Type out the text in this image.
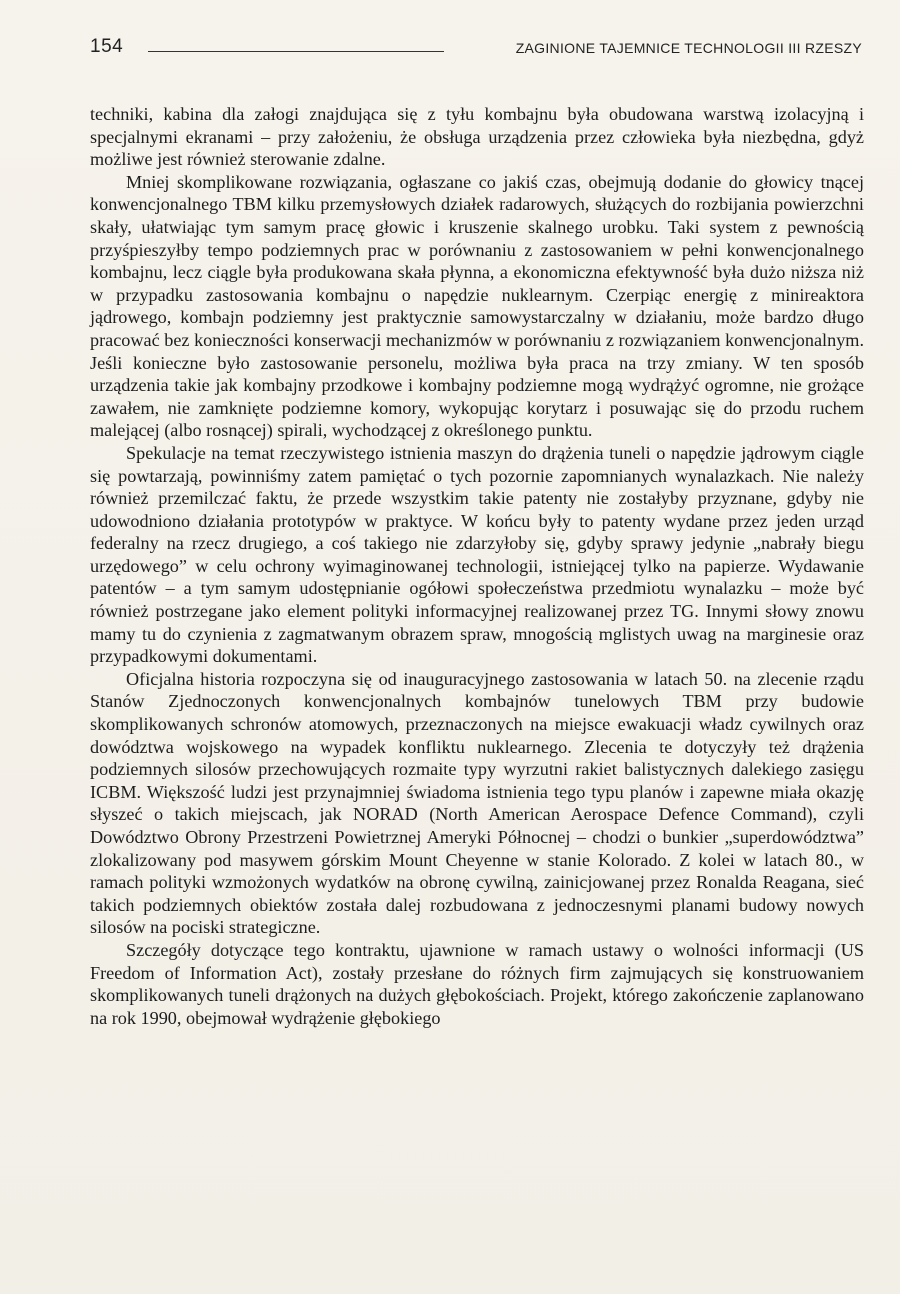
154	ZAGINIONE TAJEMNICE TECHNOLOGII III RZESZY

techniki, kabina dla załogi znajdująca się z tyłu kombajnu była obudowana warstwą izolacyjną i specjalnymi ekranami – przy założeniu, że obsługa urządzenia przez człowieka była niezbędna, gdyż możliwe jest również sterowanie zdalne.

Mniej skomplikowane rozwiązania, ogłaszane co jakiś czas, obejmują dodanie do głowicy tnącej konwencjonalnego TBM kilku przemysłowych działek radarowych, służących do rozbijania powierzchni skały, ułatwiając tym samym pracę głowic i kruszenie skalnego urobku. Taki system z pewnością przyśpieszyłby tempo podziemnych prac w porównaniu z zastosowaniem w pełni konwencjonalnego kombajnu, lecz ciągle była produkowana skała płynna, a ekonomiczna efektywność była dużo niższa niż w przypadku zastosowania kombajnu o napędzie nuklearnym. Czerpiąc energię z minireaktora jądrowego, kombajn podziemny jest praktycznie samowystarczalny w działaniu, może bardzo długo pracować bez konieczności konserwacji mechanizmów w porównaniu z rozwiązaniem konwencjonalnym. Jeśli konieczne było zastosowanie personelu, możliwa była praca na trzy zmiany. W ten sposób urządzenia takie jak kombajny przodkowe i kombajny podziemne mogą wydrążyć ogromne, nie grożące zawałem, nie zamknięte podziemne komory, wykopując korytarz i posuwając się do przodu ruchem malejącej (albo rosnącej) spirali, wychodzącej z określonego punktu.

Spekulacje na temat rzeczywistego istnienia maszyn do drążenia tuneli o napędzie jądrowym ciągle się powtarzają, powinniśmy zatem pamiętać o tych pozornie zapomnianych wynalazkach. Nie należy również przemilczać faktu, że przede wszystkim takie patenty nie zostałyby przyznane, gdyby nie udowodniono działania prototypów w praktyce. W końcu były to patenty wydane przez jeden urząd federalny na rzecz drugiego, a coś takiego nie zdarzyłoby się, gdyby sprawy jedynie „nabrały biegu urzędowego” w celu ochrony wyimaginowanej technologii, istniejącej tylko na papierze. Wydawanie patentów – a tym samym udostępnianie ogółowi społeczeństwa przedmiotu wynalazku – może być również postrzegane jako element polityki informacyjnej realizowanej przez TG. Innymi słowy znowu mamy tu do czynienia z zagmatwanym obrazem spraw, mnogością mglistych uwag na marginesie oraz przypadkowymi dokumentami.

Oficjalna historia rozpoczyna się od inauguracyjnego zastosowania w latach 50. na zlecenie rządu Stanów Zjednoczonych konwencjonalnych kombajnów tunelowych TBM przy budowie skomplikowanych schronów atomowych, przeznaczonych na miejsce ewakuacji władz cywilnych oraz dowództwa wojskowego na wypadek konfliktu nuklearnego. Zlecenia te dotyczyły też drążenia podziemnych silosów przechowujących rozmaite typy wyrzutni rakiet balistycznych dalekiego zasięgu ICBM. Większość ludzi jest przynajmniej świadoma istnienia tego typu planów i zapewne miała okazję słyszeć o takich miejscach, jak NORAD (North American Aerospace Defence Command), czyli Dowództwo Obrony Przestrzeni Powietrznej Ameryki Północnej – chodzi o bunkier „superdowództwa” zlokalizowany pod masywem górskim Mount Cheyenne w stanie Kolorado. Z kolei w latach 80., w ramach polityki wzmożonych wydatków na obronę cywilną, zainicjowanej przez Ronalda Reagana, sieć takich podziemnych obiektów została dalej rozbudowana z jednoczesnymi planami budowy nowych silosów na pociski strategiczne.

Szczegóły dotyczące tego kontraktu, ujawnione w ramach ustawy o wolności informacji (US Freedom of Information Act), zostały przesłane do różnych firm zajmujących się konstruowaniem skomplikowanych tuneli drążonych na dużych głębokościach. Projekt, którego zakończenie zaplanowano na rok 1990, obejmował wydrążenie głębokiego
